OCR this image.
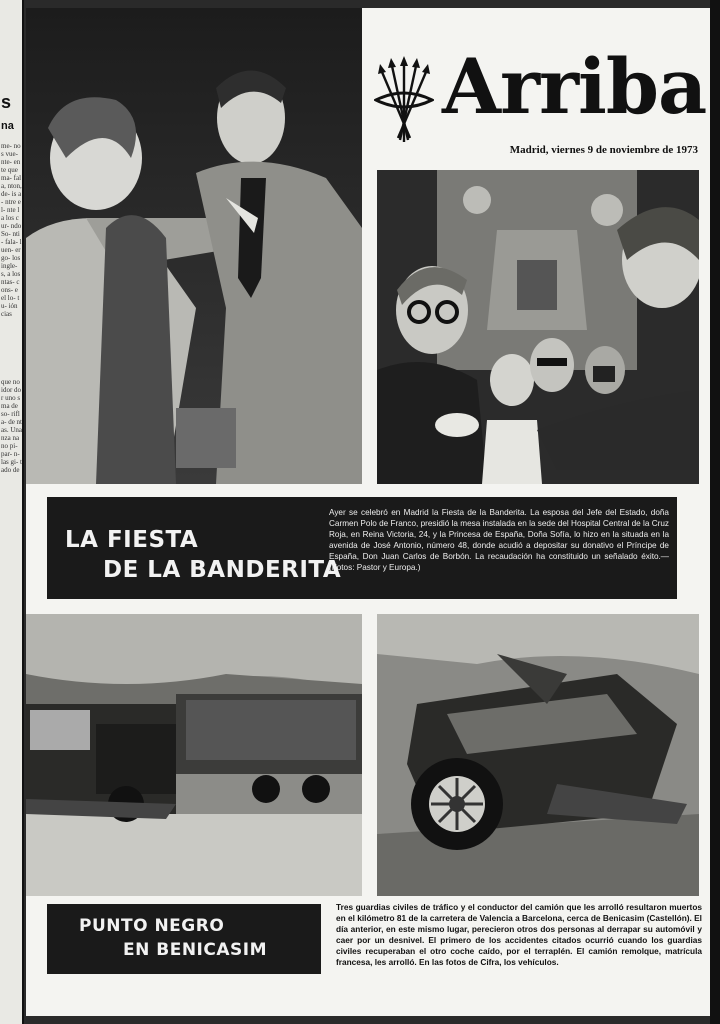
s
na
me- nos vue- nte- ente que ma- fala, nton, de- is a- ntre el- nte la los cur- ndo So- nti- fala- luen- ergo- los ingle- s, a los ntas- cons- e el lo- tu- ión cias
que no idor dor uno sma de so- rifla- de ntas. Una nza nano pi- par- n- las gi- tado de
Arriba
Madrid, viernes 9 de noviembre de 1973
LA FIESTA
DE LA BANDERITA
Ayer se celebró en Madrid la Fiesta de la Banderita. La esposa del Jefe del Estado, doña Carmen Polo de Franco, presidió la mesa instalada en la sede del Hospital Central de la Cruz Roja, en Reina Victoria, 24, y la Princesa de España, Doña Sofía, lo hizo en la situada en la avenida de José Antonio, número 48, donde acudió a depositar su donativo el Príncipe de España, Don Juan Carlos de Borbón. La recaudación ha constituido un señalado éxito.— (Fotos: Pastor y Europa.)
PUNTO NEGRO
EN BENICASIM
Tres guardias civiles de tráfico y el conductor del camión que les arrolló resultaron muertos en el kilómetro 81 de la carretera de Valencia a Barcelona, cerca de Benicasim (Castellón). El día anterior, en este mismo lugar, perecieron otros dos personas al derrapar su automóvil y caer por un desnivel. El primero de los accidentes citados ocurrió cuando los guardias civiles recuperaban el otro coche caído, por el terraplén. El camión remolque, matrícula francesa, les arrolló. En las fotos de Cifra, los vehículos.
